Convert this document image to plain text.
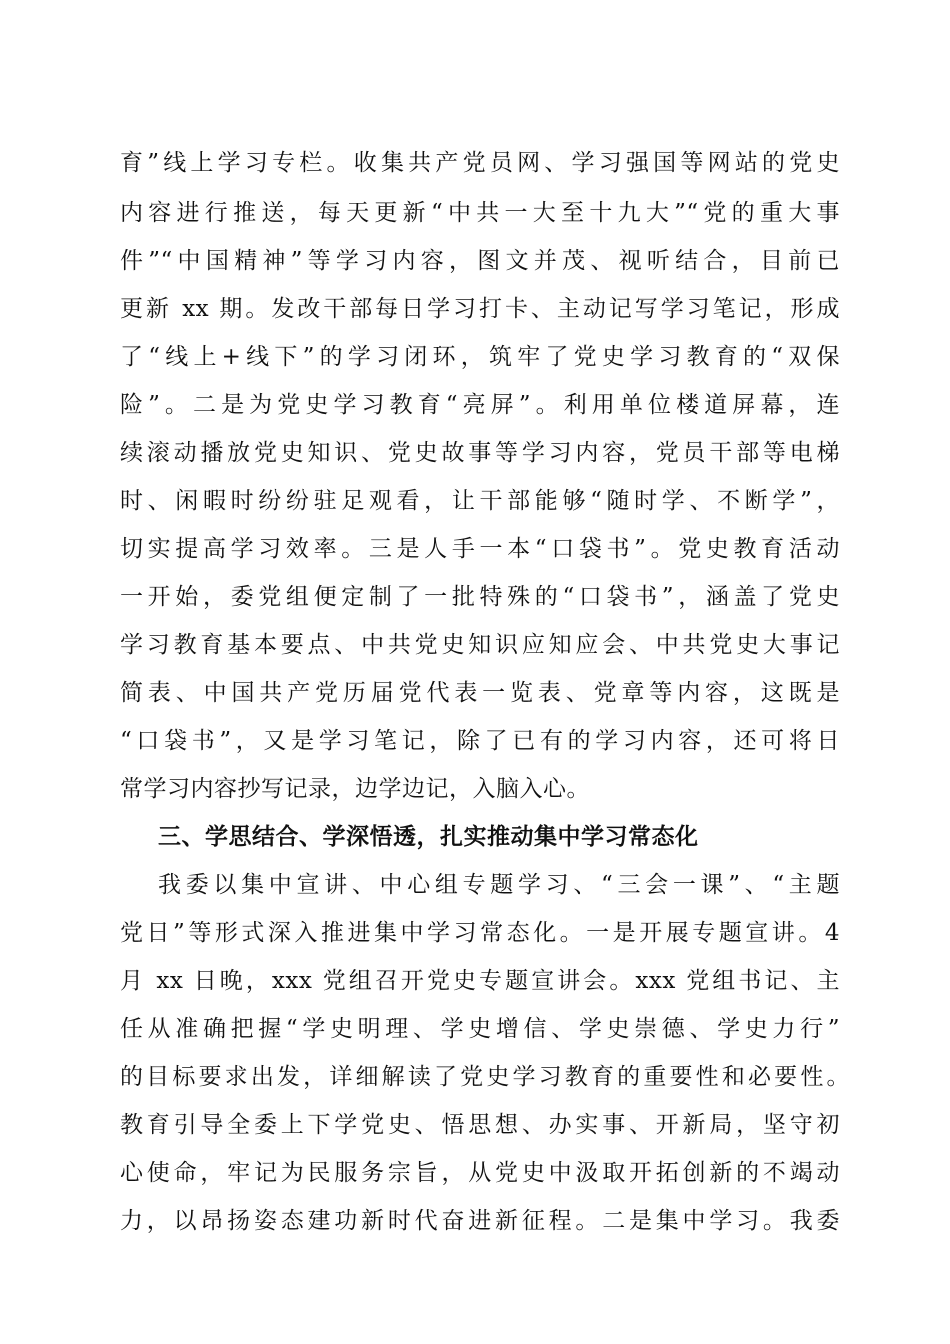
育”线上学习专栏。收集共产党员网、学习强国等网站的党史
内容进行推送，每天更新“中共一大至十九大”“党的重大事
件”“中国精神”等学习内容，图文并茂、视听结合，目前已
更新 xx 期。发改干部每日学习打卡、主动记写学习笔记，形成
了“线上+线下”的学习闭环，筑牢了党史学习教育的“双保
险”。二是为党史学习教育“亮屏”。利用单位楼道屏幕，连
续滚动播放党史知识、党史故事等学习内容，党员干部等电梯
时、闲暇时纷纷驻足观看，让干部能够“随时学、不断学”，
切实提高学习效率。三是人手一本“口袋书”。党史教育活动
一开始，委党组便定制了一批特殊的“口袋书”，涵盖了党史
学习教育基本要点、中共党史知识应知应会、中共党史大事记
简表、中国共产党历届党代表一览表、党章等内容，这既是
“口袋书”，又是学习笔记，除了已有的学习内容，还可将日
常学习内容抄写记录，边学边记，入脑入心。
三、学思结合、学深悟透，扎实推动集中学习常态化
我委以集中宣讲、中心组专题学习、“三会一课”、“主题
党日”等形式深入推进集中学习常态化。一是开展专题宣讲。4
月 xx 日晚，xxx 党组召开党史专题宣讲会。xxx 党组书记、主
任从准确把握“学史明理、学史增信、学史崇德、学史力行”
的目标要求出发，详细解读了党史学习教育的重要性和必要性。
教育引导全委上下学党史、悟思想、办实事、开新局，坚守初
心使命，牢记为民服务宗旨，从党史中汲取开拓创新的不竭动
力，以昂扬姿态建功新时代奋进新征程。二是集中学习。我委
